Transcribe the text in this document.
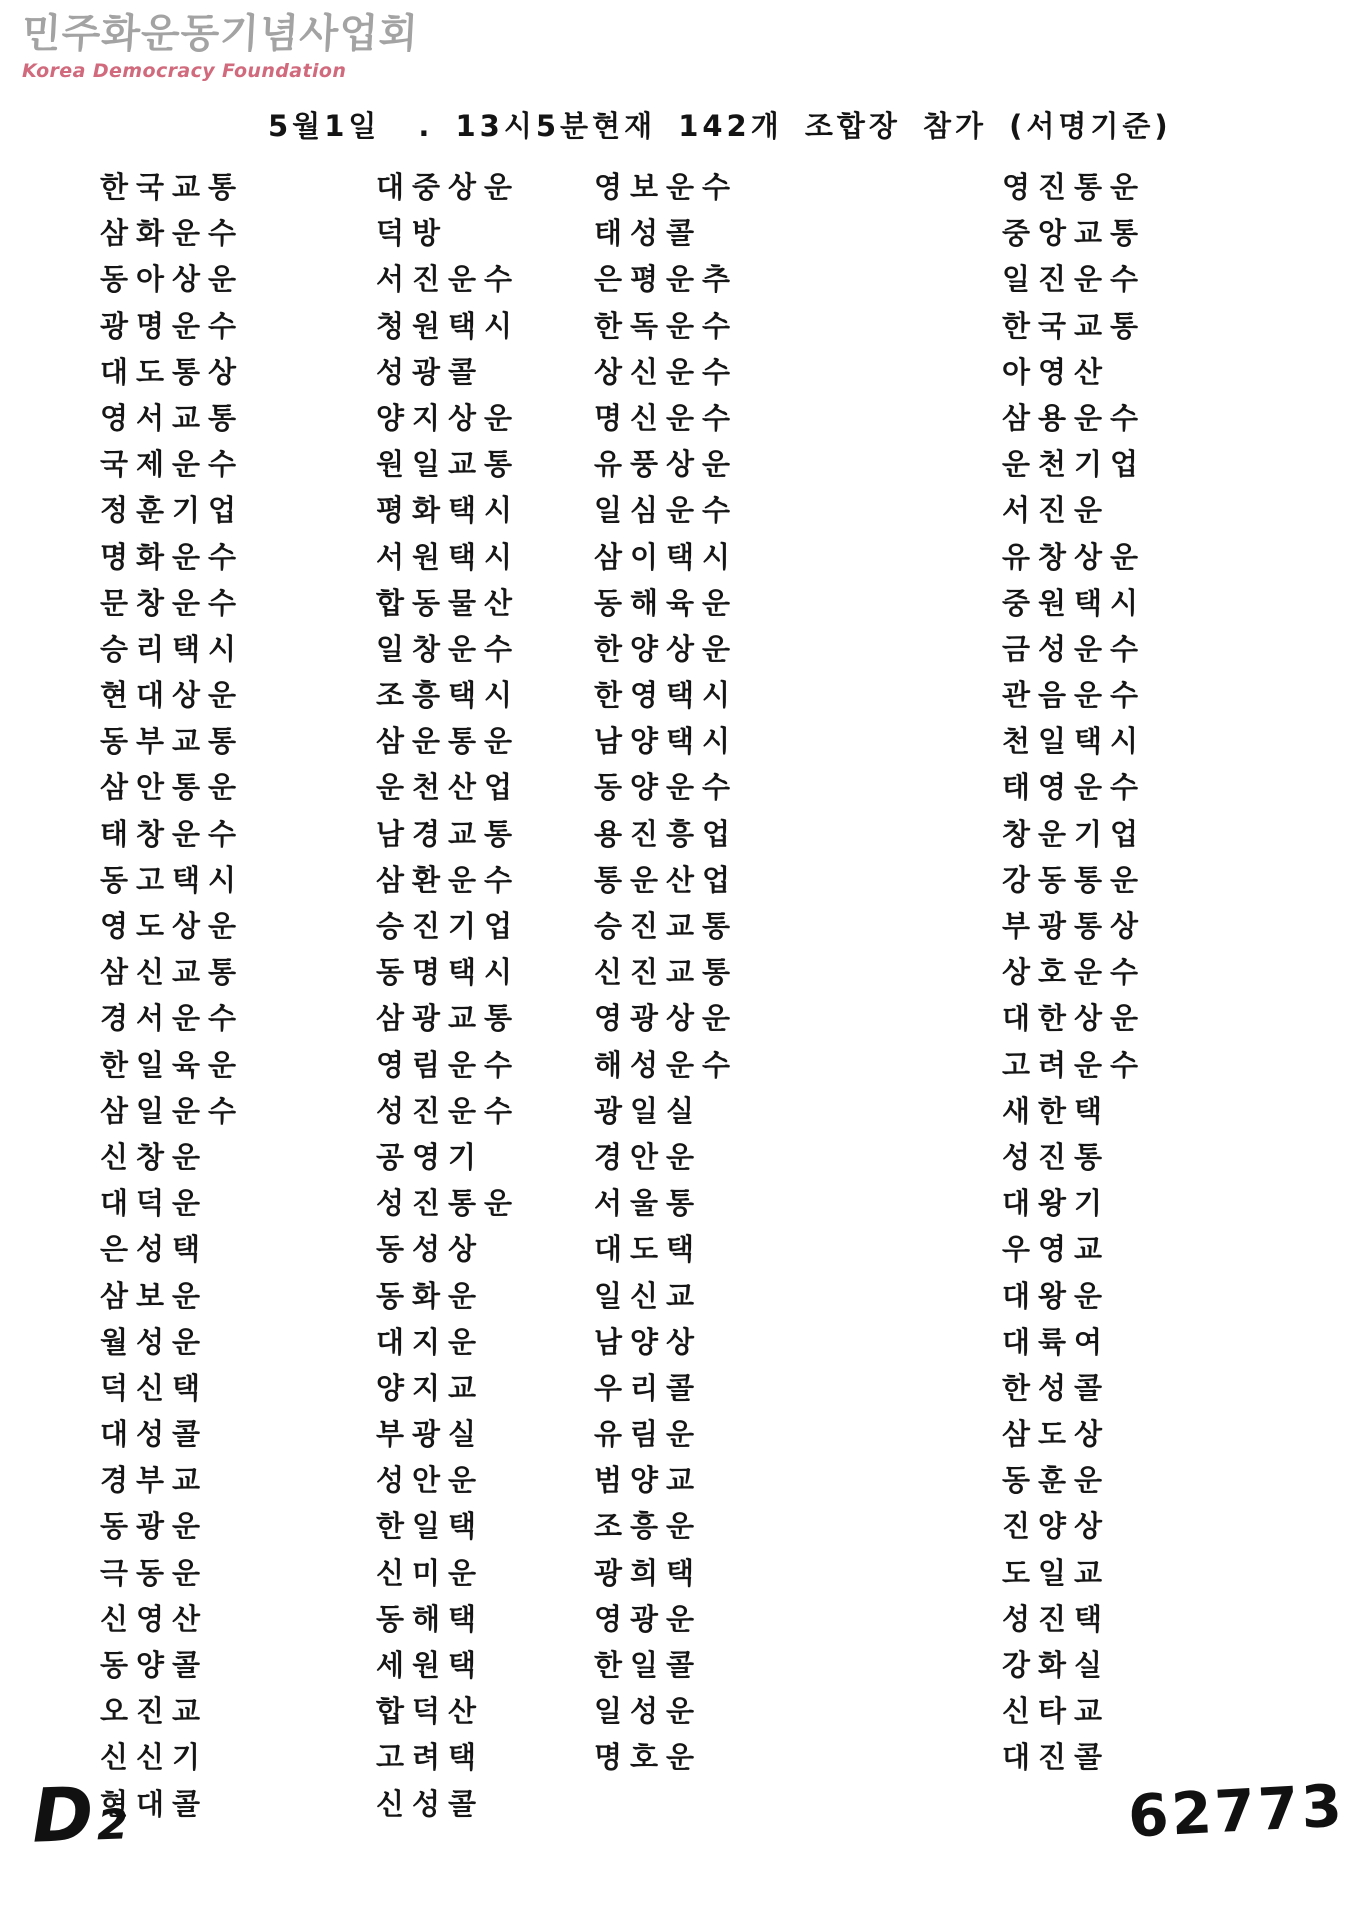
민주화운동기념사업회
Korea Democracy Foundation
5월1일 . 13시5분현재 142개 조합장 참가 (서명기준)
한국교통
삼화운수
동아상운
광명운수
대도통상
영서교통
국제운수
정훈기업
명화운수
문창운수
승리택시
현대상운
동부교통
삼안통운
태창운수
동고택시
영도상운
삼신교통
경서운수
한일육운
삼일운수
신창운
대덕운
은성택
삼보운
월성운
덕신택
대성콜
경부교
동광운
극동운
신영산
동양콜
오진교
신신기
현대콜
대중상운
덕방
서진운수
청원택시
성광콜
양지상운
원일교통
평화택시
서원택시
합동물산
일창운수
조흥택시
삼운통운
운천산업
남경교통
삼환운수
승진기업
동명택시
삼광교통
영림운수
성진운수
공영기
성진통운
동성상
동화운
대지운
양지교
부광실
성안운
한일택
신미운
동해택
세원택
합덕산
고려택
신성콜
영보운수
태성콜
은평운추
한독운수
상신운수
명신운수
유풍상운
일심운수
삼이택시
동해육운
한양상운
한영택시
남양택시
동양운수
용진흥업
통운산업
승진교통
신진교통
영광상운
해성운수
광일실
경안운
서울통
대도택
일신교
남양상
우리콜
유림운
범양교
조흥운
광희택
영광운
한일콜
일성운
명호운
영진통운
중앙교통
일진운수
한국교통
아영산
삼용운수
운천기업
서진운
유창상운
중원택시
금성운수
관음운수
천일택시
태영운수
창운기업
강동통운
부광통상
상호운수
대한상운
고려운수
새한택
성진통
대왕기
우영교
대왕운
대륙여
한성콜
삼도상
동훈운
진양상
도일교
성진택
강화실
신타교
대진콜
D₂	62773
